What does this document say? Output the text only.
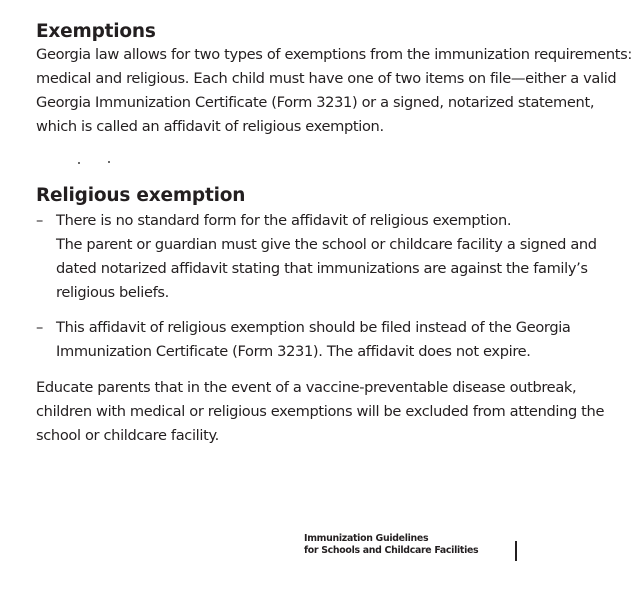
Exemptions

Georgia law allows for two types of exemptions from the immunization requirements: medical and religious. Each child must have one of two items on file—either a valid Georgia Immunization Certificate (Form 3231) or a signed, notarized statement, which is called an affidavit of religious exemption.

Religious exemption
– There is no standard form for the affidavit of religious exemption.
The parent or guardian must give the school or childcare facility a signed and dated notarized affidavit stating that immunizations are against the family’s religious beliefs.
– This affidavit of religious exemption should be filed instead of the Georgia Immunization Certificate (Form 3231). The affidavit does not expire.

Educate parents that in the event of a vaccine-preventable disease outbreak, children with medical or religious exemptions will be excluded from attending the school or childcare facility.

Immunization Guidelines
for Schools and Childcare Facilities
